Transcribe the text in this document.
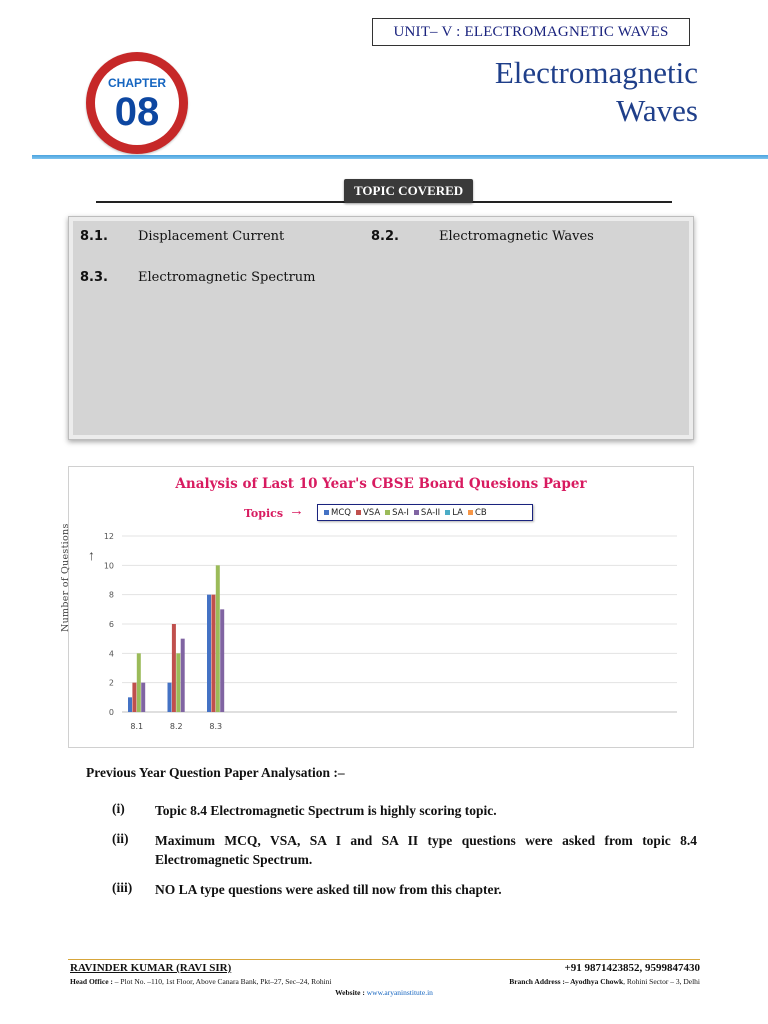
UNIT– V : ELECTROMAGNETIC WAVES
CHAPTER
08
Electromagnetic
Waves
TOPIC COVERED
8.1. Displacement Current	8.2.	Electromagnetic Waves
8.3. Electromagnetic Spectrum
Analysis of Last 10 Year's CBSE Board Quesions Paper
Topics →	MCQ	VSA	SA-I	SA-II	LA	CB
↑
Number of Questions
0
2
4
6
8
10
12
8.1	8.2	8.3
Previous Year Question Paper Analysation :–
(i) Topic 8.4 Electromagnetic Spectrum is highly scoring topic.
(ii) Maximum MCQ, VSA, SA I and SA II type questions were asked from topic 8.4 Electromagnetic Spectrum.
(iii) NO LA type questions were asked till now from this chapter.
RAVINDER KUMAR (RAVI SIR)	+91 9871423852, 9599847430
Head Office : – Plot No. –110, 1st Floor, Above Canara Bank, Pkt–27, Sec–24, Rohini	Branch Address :– Ayodhya Chowk, Rohini Sector – 3, Delhi
Website : www.aryaninstitute.in
